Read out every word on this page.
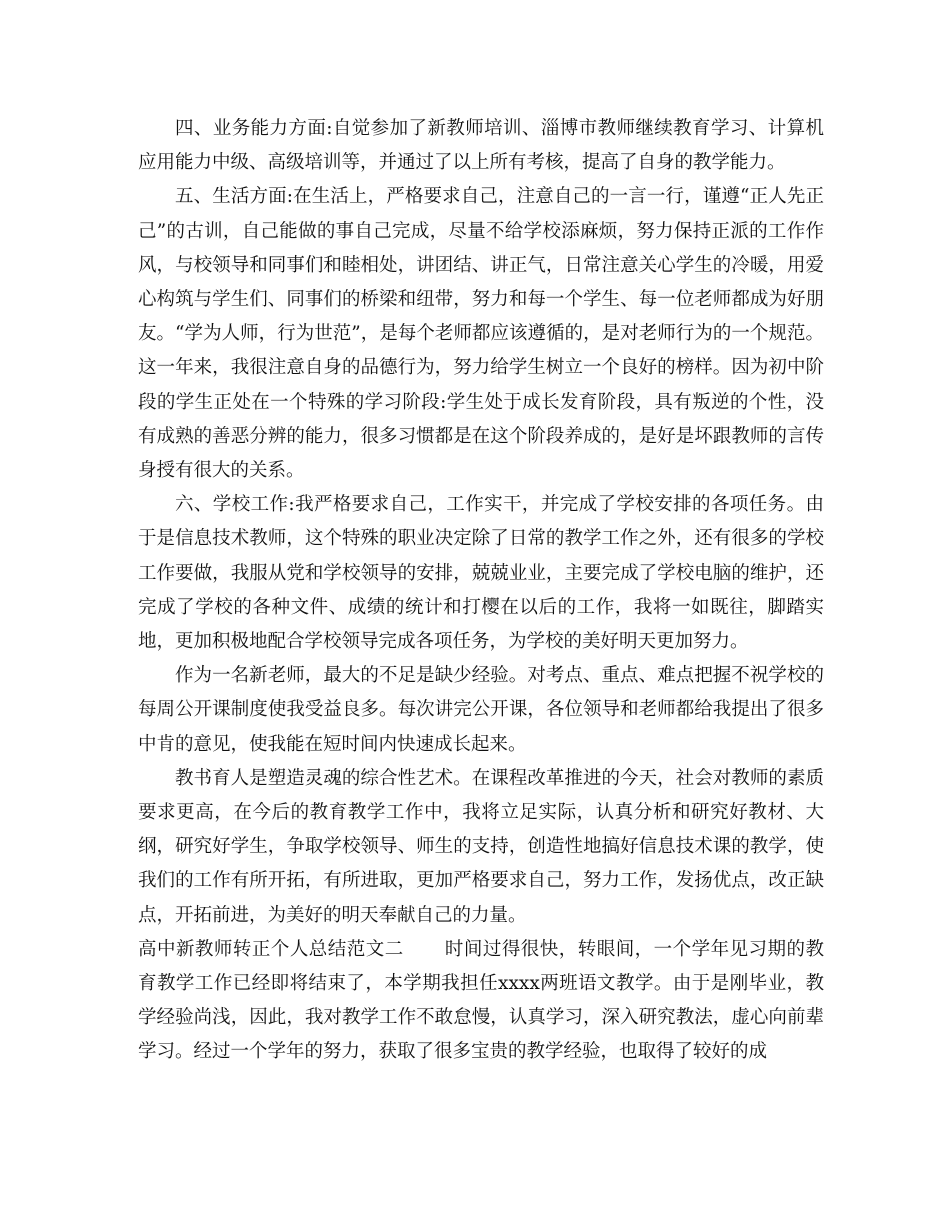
四、业务能力方面:自觉参加了新教师培训、淄博市教师继续教育学习、计算机应用能力中级、高级培训等，并通过了以上所有考核，提高了自身的教学能力。

五、生活方面:在生活上，严格要求自己，注意自己的一言一行，谨遵“正人先正己”的古训，自己能做的事自己完成，尽量不给学校添麻烦，努力保持正派的工作作风，与校领导和同事们和睦相处，讲团结、讲正气，日常注意关心学生的冷暖，用爱心构筑与学生们、同事们的桥梁和纽带，努力和每一个学生、每一位老师都成为好朋友。“学为人师，行为世范”，是每个老师都应该遵循的，是对老师行为的一个规范。这一年来，我很注意自身的品德行为，努力给学生树立一个良好的榜样。因为初中阶段的学生正处在一个特殊的学习阶段:学生处于成长发育阶段，具有叛逆的个性，没有成熟的善恶分辨的能力，很多习惯都是在这个阶段养成的，是好是坏跟教师的言传身授有很大的关系。

六、学校工作:我严格要求自己，工作实干，并完成了学校安排的各项任务。由于是信息技术教师，这个特殊的职业决定除了日常的教学工作之外，还有很多的学校工作要做，我服从党和学校领导的安排，兢兢业业，主要完成了学校电脑的维护，还完成了学校的各种文件、成绩的统计和打樱在以后的工作，我将一如既往，脚踏实地，更加积极地配合学校领导完成各项任务，为学校的美好明天更加努力。

作为一名新老师，最大的不足是缺少经验。对考点、重点、难点把握不祝学校的每周公开课制度使我受益良多。每次讲完公开课，各位领导和老师都给我提出了很多中肯的意见，使我能在短时间内快速成长起来。

教书育人是塑造灵魂的综合性艺术。在课程改革推进的今天，社会对教师的素质要求更高，在今后的教育教学工作中，我将立足实际，认真分析和研究好教材、大纲，研究好学生，争取学校领导、师生的支持，创造性地搞好信息技术课的教学，使我们的工作有所开拓，有所进取，更加严格要求自己，努力工作，发扬优点，改正缺点，开拓前进，为美好的明天奉献自己的力量。

高中新教师转正个人总结范文二 时间过得很快，转眼间，一个学年见习期的教育教学工作已经即将结束了，本学期我担任xxxx两班语文教学。由于是刚毕业，教学经验尚浅，因此，我对教学工作不敢怠慢，认真学习，深入研究教法，虚心向前辈学习。经过一个学年的努力，获取了很多宝贵的教学经验，也取得了较好的成
